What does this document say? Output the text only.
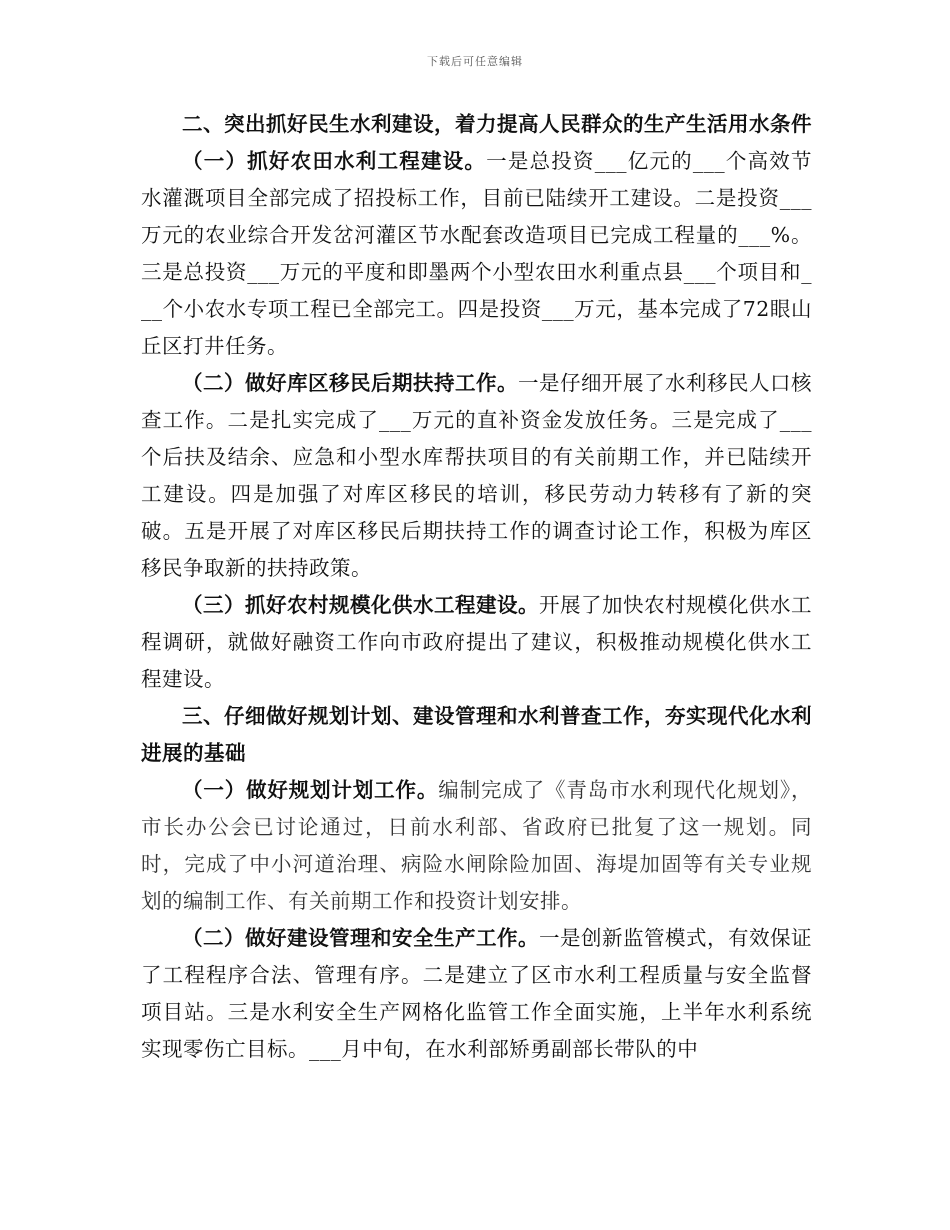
下载后可任意编辑

二、突出抓好民生水利建设，着力提高人民群众的生产生活用水条件

（一）抓好农田水利工程建设。一是总投资___亿元的___个高效节水灌溉项目全部完成了招投标工作，目前已陆续开工建设。二是投资___万元的农业综合开发岔河灌区节水配套改造项目已完成工程量的___%。三是总投资___万元的平度和即墨两个小型农田水利重点县___个项目和___个小农水专项工程已全部完工。四是投资___万元，基本完成了72眼山丘区打井任务。

（二）做好库区移民后期扶持工作。一是仔细开展了水利移民人口核查工作。二是扎实完成了___万元的直补资金发放任务。三是完成了___个后扶及结余、应急和小型水库帮扶项目的有关前期工作，并已陆续开工建设。四是加强了对库区移民的培训，移民劳动力转移有了新的突破。五是开展了对库区移民后期扶持工作的调查讨论工作，积极为库区移民争取新的扶持政策。

（三）抓好农村规模化供水工程建设。开展了加快农村规模化供水工程调研，就做好融资工作向市政府提出了建议，积极推动规模化供水工程建设。

三、仔细做好规划计划、建设管理和水利普查工作，夯实现代化水利进展的基础

（一）做好规划计划工作。编制完成了《青岛市水利现代化规划》，市长办公会已讨论通过，日前水利部、省政府已批复了这一规划。同时，完成了中小河道治理、病险水闸除险加固、海堤加固等有关专业规划的编制工作、有关前期工作和投资计划安排。

（二）做好建设管理和安全生产工作。一是创新监管模式，有效保证了工程程序合法、管理有序。二是建立了区市水利工程质量与安全监督项目站。三是水利安全生产网格化监管工作全面实施，上半年水利系统实现零伤亡目标。___月中旬，在水利部矫勇副部长带队的中
